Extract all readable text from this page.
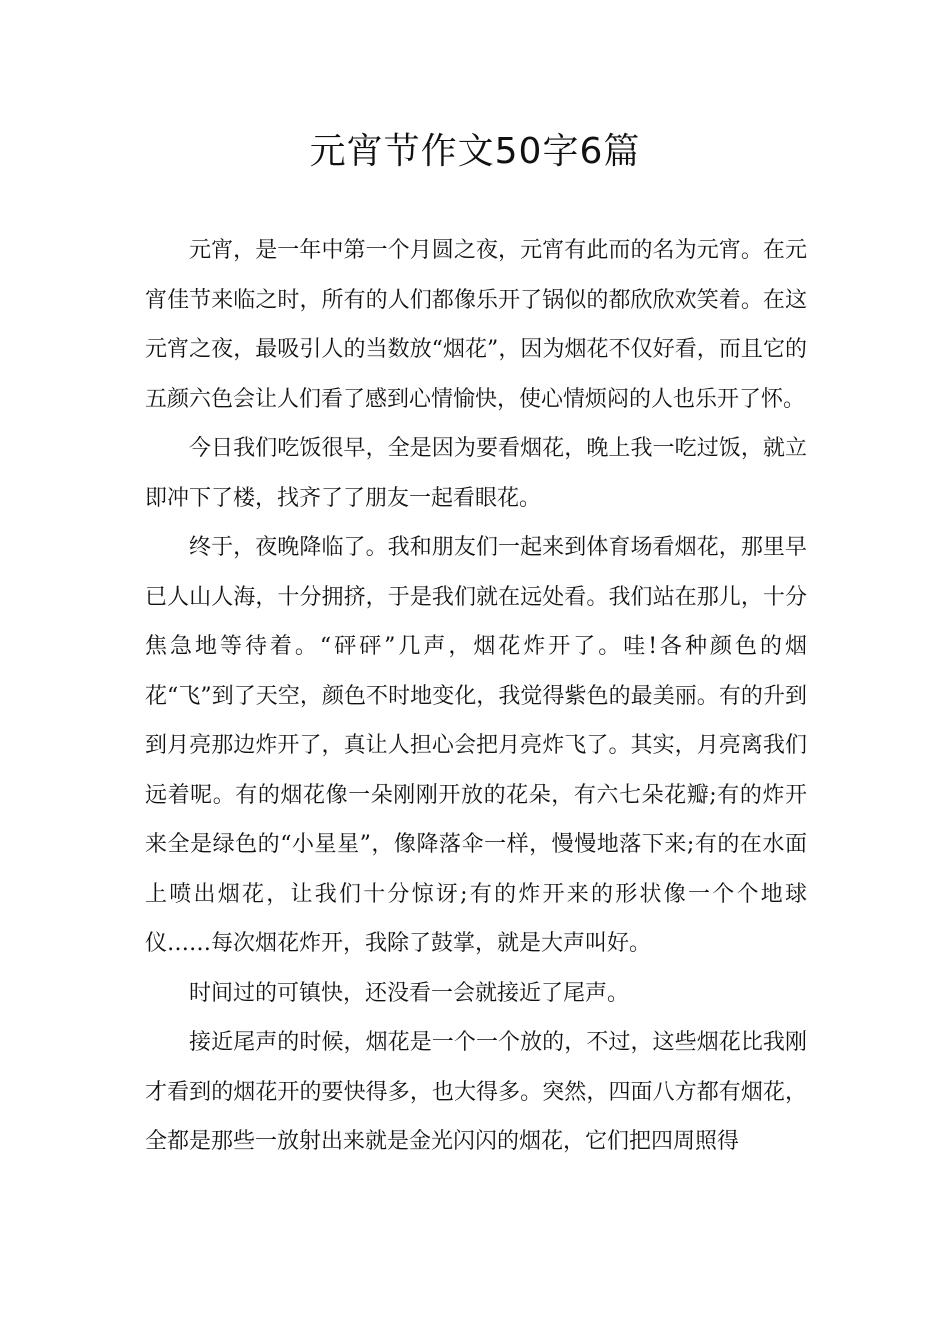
元宵节作文50字6篇

元宵，是一年中第一个月圆之夜，元宵有此而的名为元宵。在元宵佳节来临之时，所有的人们都像乐开了锅似的都欣欣欢笑着。在这元宵之夜，最吸引人的当数放“烟花”，因为烟花不仅好看，而且它的五颜六色会让人们看了感到心情愉快，使心情烦闷的人也乐开了怀。

今日我们吃饭很早，全是因为要看烟花，晚上我一吃过饭，就立即冲下了楼，找齐了了朋友一起看眼花。

终于，夜晚降临了。我和朋友们一起来到体育场看烟花，那里早已人山人海，十分拥挤，于是我们就在远处看。我们站在那儿，十分焦急地等待着。“砰砰”几声，烟花炸开了。哇!各种颜色的烟花“飞”到了天空，颜色不时地变化，我觉得紫色的最美丽。有的升到到月亮那边炸开了，真让人担心会把月亮炸飞了。其实，月亮离我们远着呢。有的烟花像一朵刚刚开放的花朵，有六七朵花瓣;有的炸开来全是绿色的“小星星”，像降落伞一样，慢慢地落下来;有的在水面上喷出烟花，让我们十分惊讶;有的炸开来的形状像一个个地球仪……每次烟花炸开，我除了鼓掌，就是大声叫好。

时间过的可镇快，还没看一会就接近了尾声。

接近尾声的时候，烟花是一个一个放的，不过，这些烟花比我刚才看到的烟花开的要快得多，也大得多。突然，四面八方都有烟花，全都是那些一放射出来就是金光闪闪的烟花，它们把四周照得
